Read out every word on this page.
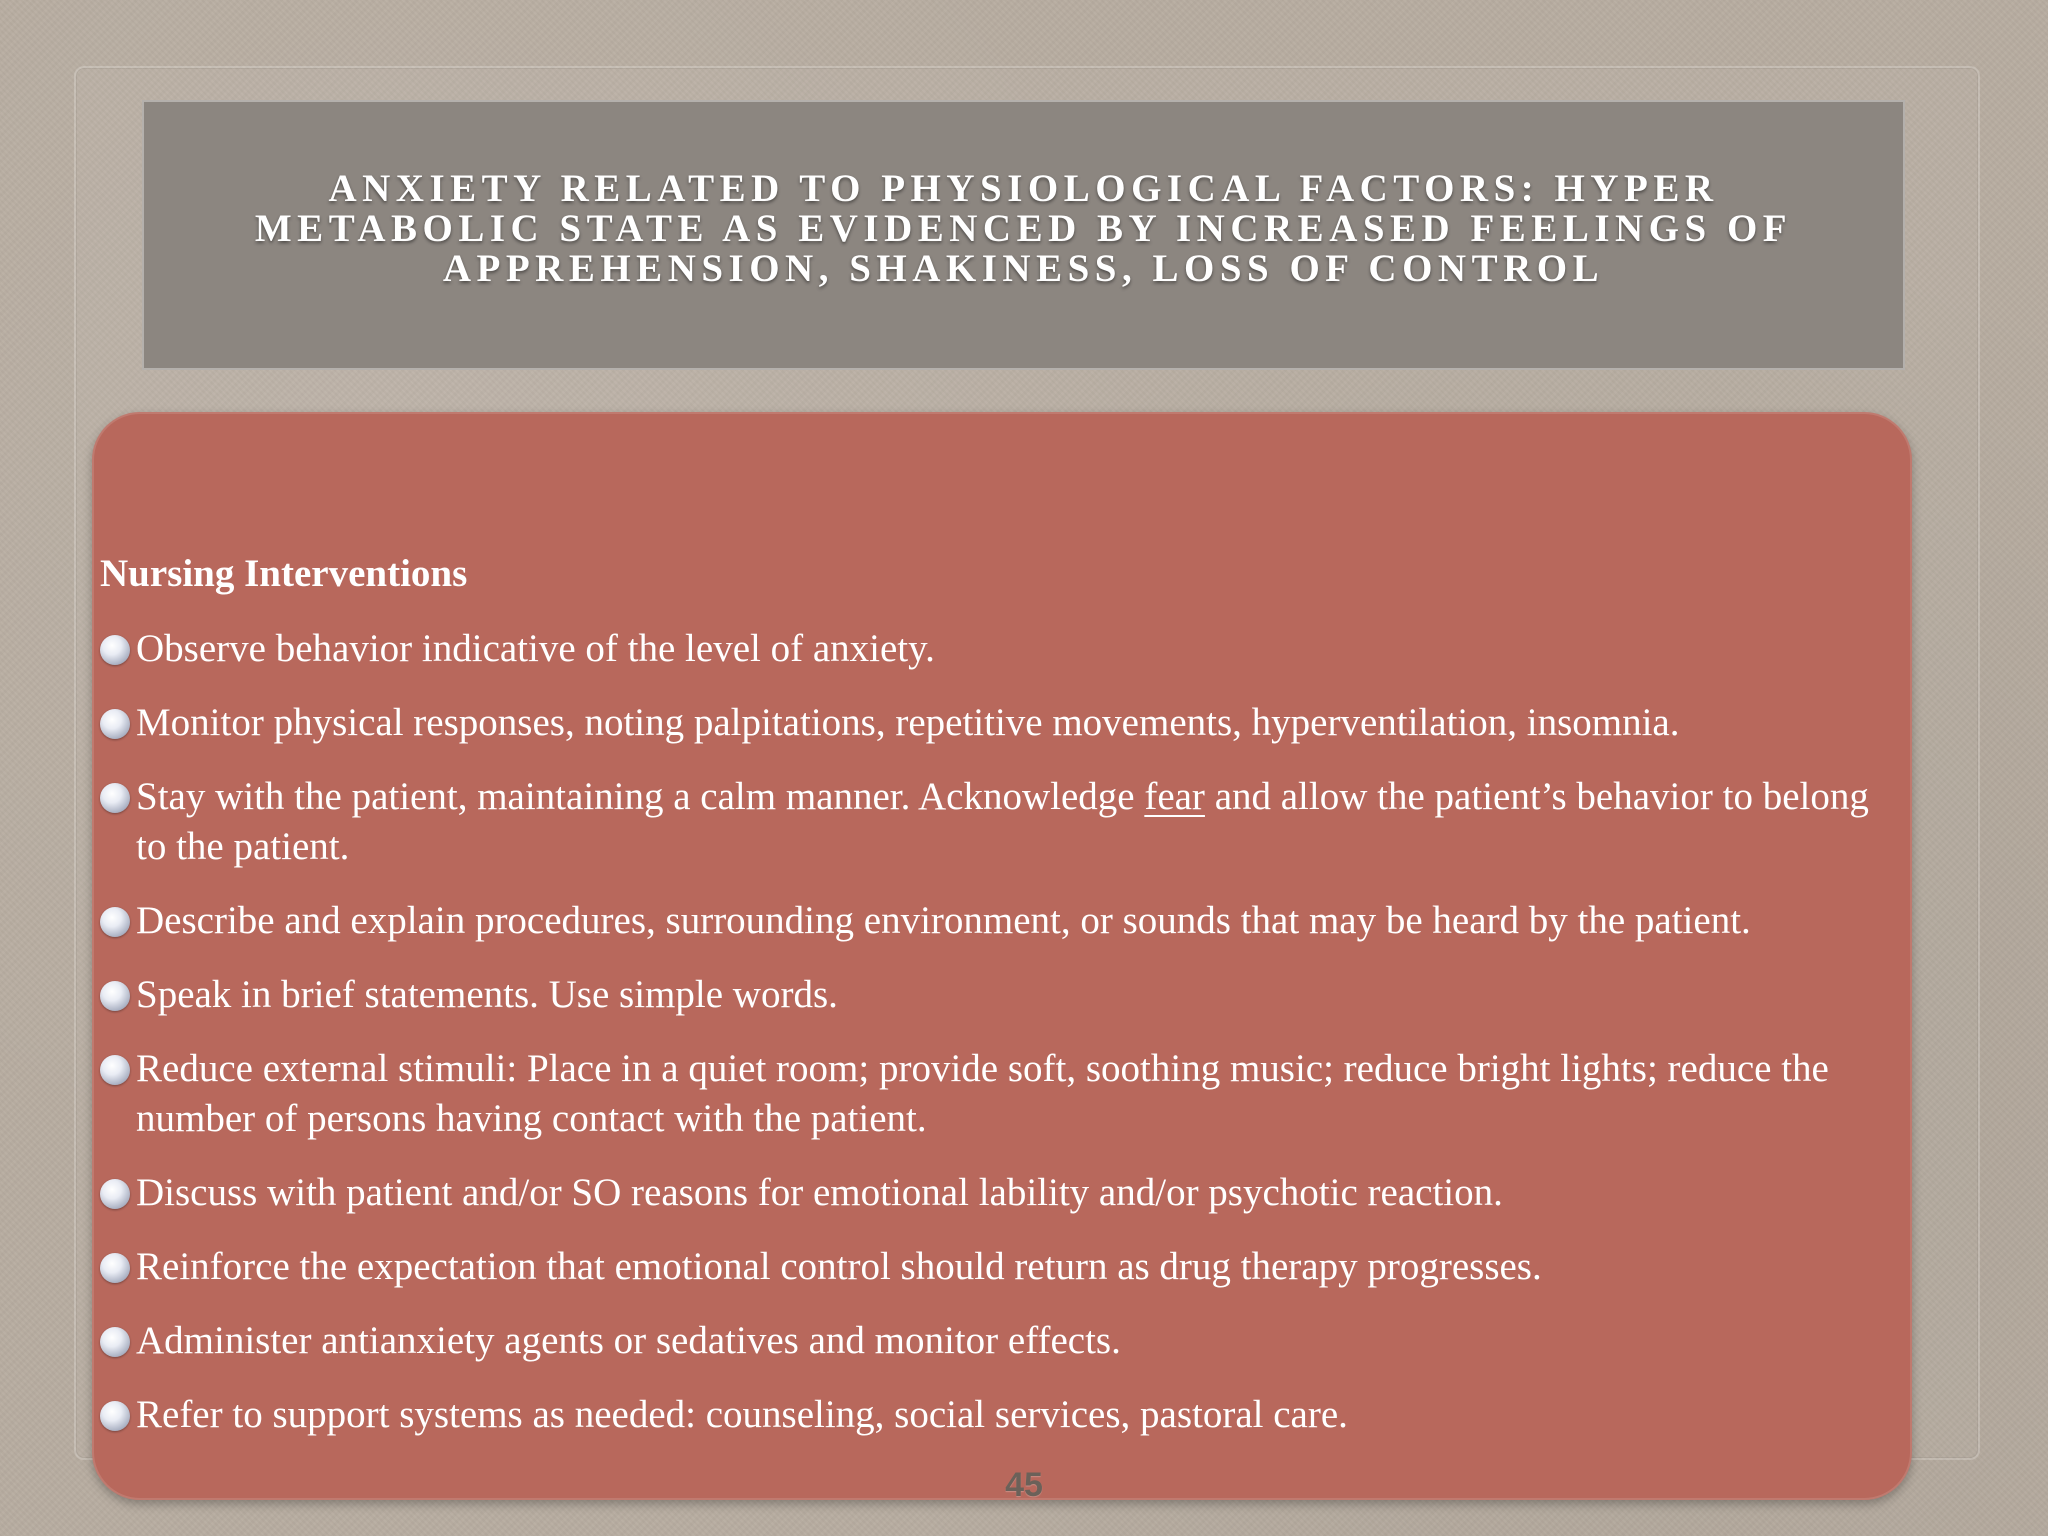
ANXIETY RELATED TO PHYSIOLOGICAL FACTORS: HYPER METABOLIC STATE AS EVIDENCED BY INCREASED FEELINGS OF APPREHENSION, SHAKINESS, LOSS OF CONTROL

Nursing Interventions

Observe behavior indicative of the level of anxiety.
Monitor physical responses, noting palpitations, repetitive movements, hyperventilation, insomnia.
Stay with the patient, maintaining a calm manner. Acknowledge fear and allow the patient’s behavior to belong to the patient.
Describe and explain procedures, surrounding environment, or sounds that may be heard by the patient.
Speak in brief statements. Use simple words.
Reduce external stimuli: Place in a quiet room; provide soft, soothing music; reduce bright lights; reduce the number of persons having contact with the patient.
Discuss with patient and/or SO reasons for emotional lability and/or psychotic reaction.
Reinforce the expectation that emotional control should return as drug therapy progresses.
Administer antianxiety agents or sedatives and monitor effects.
Refer to support systems as needed: counseling, social services, pastoral care.
45
